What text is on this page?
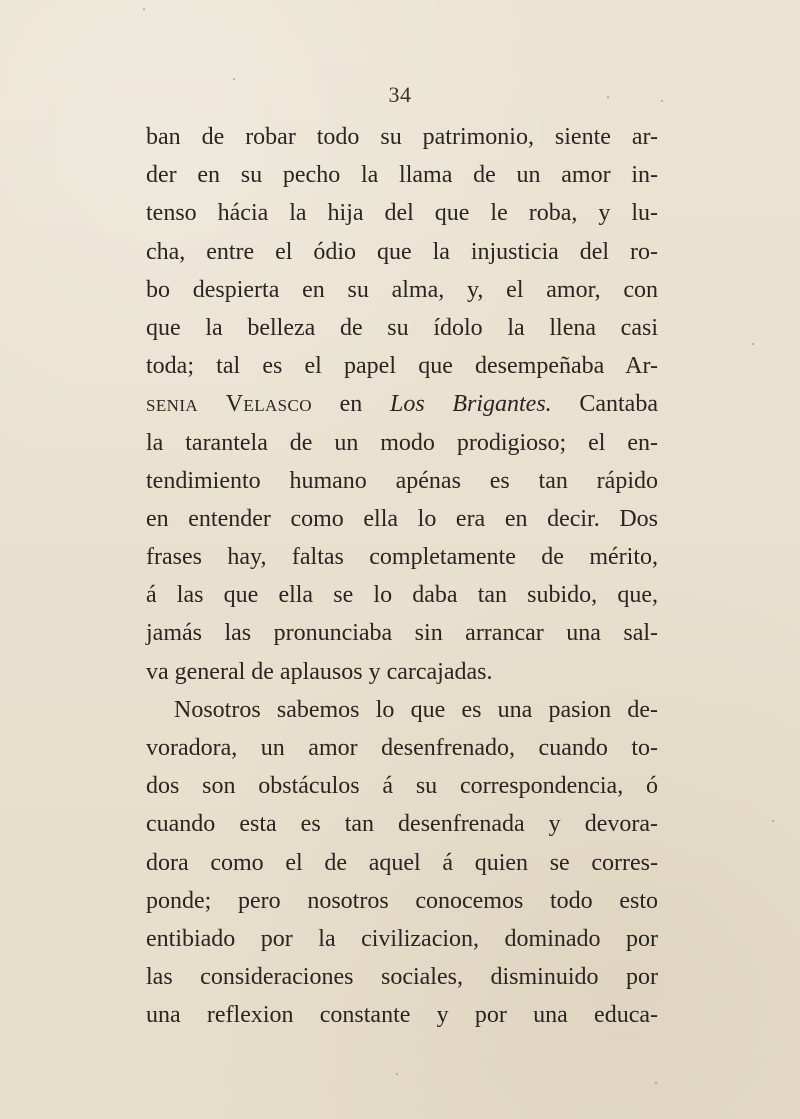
34
ban de robar todo su patrimonio, siente ar-
der en su pecho la llama de un amor in-
tenso hácia la hija del que le roba, y lu-
cha, entre el ódio que la injusticia del ro-
bo despierta en su alma, y, el amor, con
que la belleza de su ídolo la llena casi
toda; tal es el papel que desempeñaba Ar-
senia Velasco en Los Brigantes. Cantaba
la tarantela de un modo prodigioso; el en-
tendimiento humano apénas es tan rápido
en entender como ella lo era en decir. Dos
frases hay, faltas completamente de mérito,
á las que ella se lo daba tan subido, que,
jamás las pronunciaba sin arrancar una sal-
va general de aplausos y carcajadas.
Nosotros sabemos lo que es una pasion de-
voradora, un amor desenfrenado, cuando to-
dos son obstáculos á su correspondencia, ó
cuando esta es tan desenfrenada y devora-
dora como el de aquel á quien se corres-
ponde; pero nosotros conocemos todo esto
entibiado por la civilizacion, dominado por
las consideraciones sociales, disminuido por
una reflexion constante y por una educa-
